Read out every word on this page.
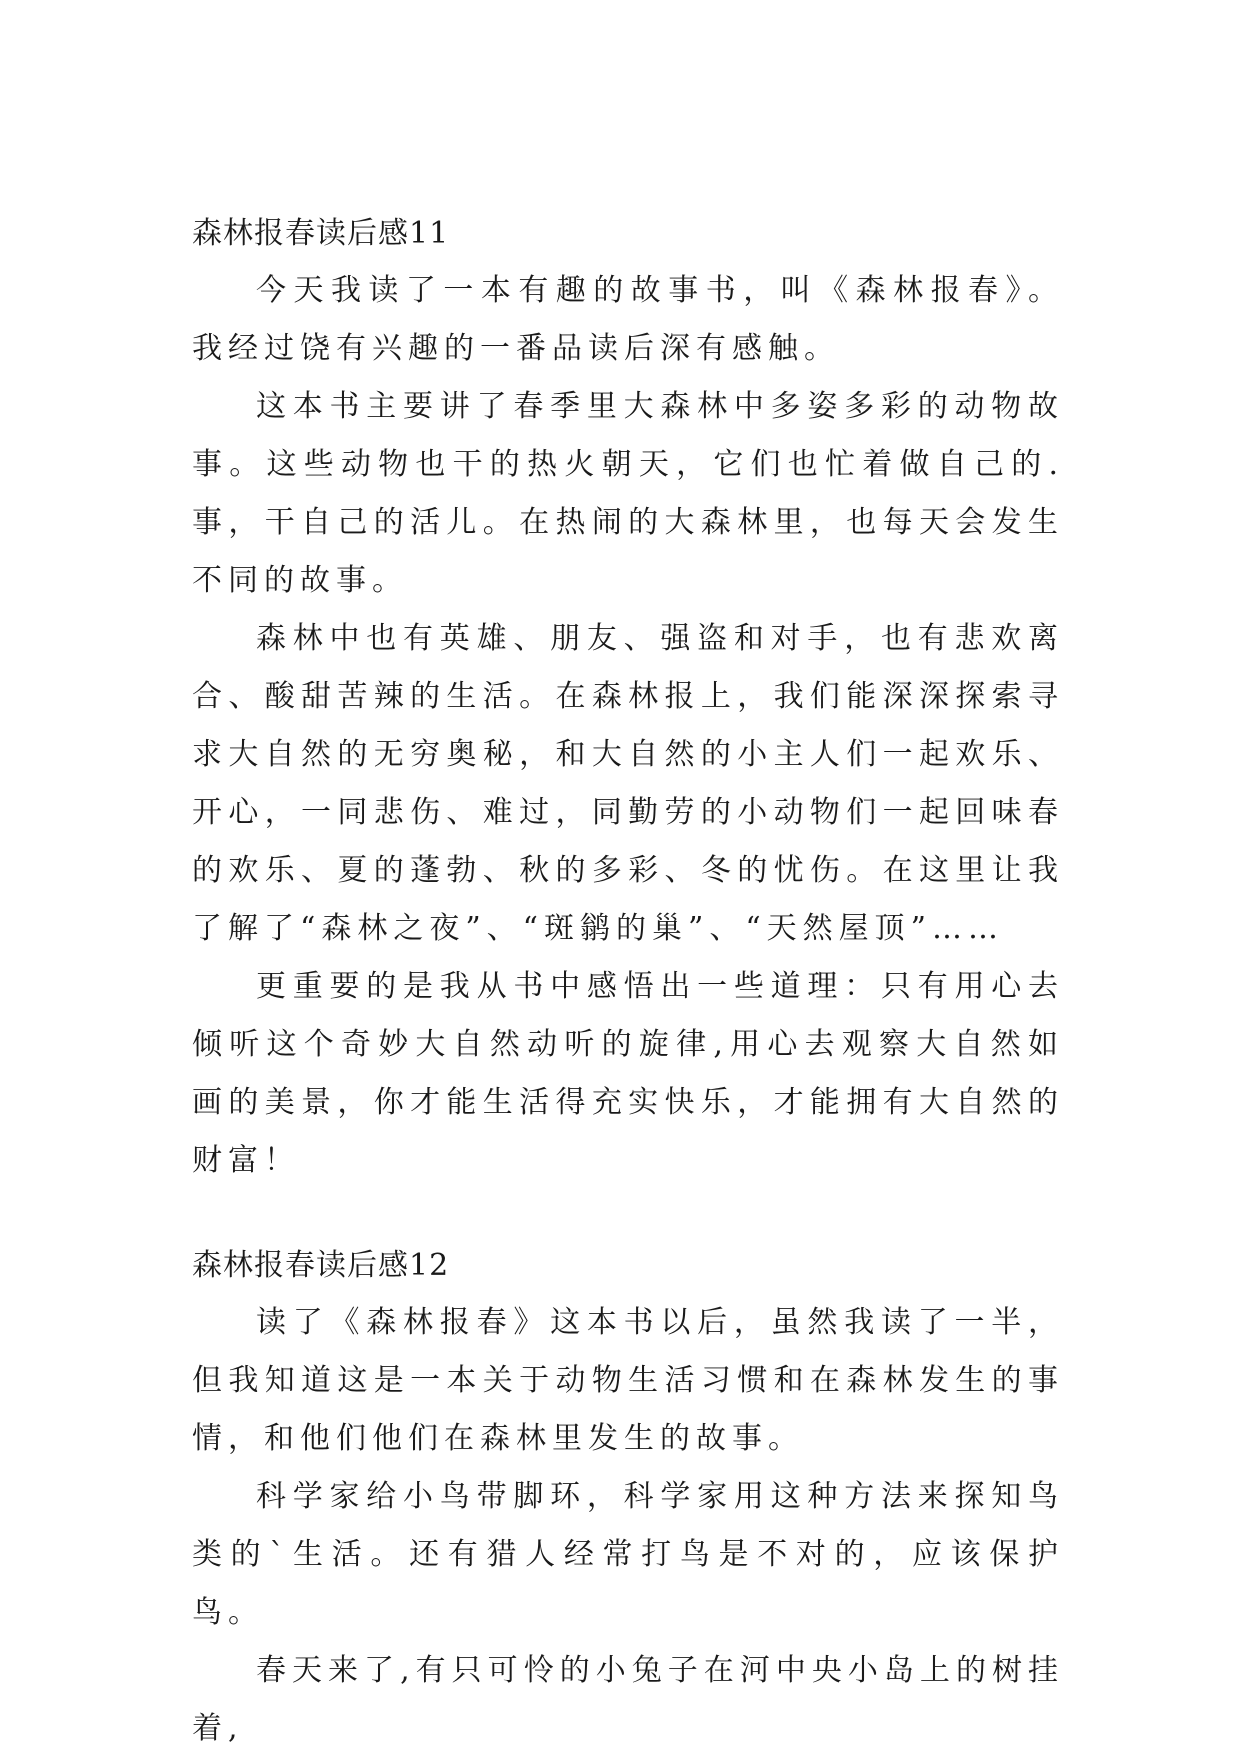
森林报春读后感11

今天我读了一本有趣的故事书，叫《森林报春》。我经过饶有兴趣的一番品读后深有感触。

这本书主要讲了春季里大森林中多姿多彩的动物故事。这些动物也干的热火朝天，它们也忙着做自己的.事，干自己的活儿。在热闹的大森林里，也每天会发生不同的故事。

森林中也有英雄、朋友、强盗和对手，也有悲欢离合、酸甜苦辣的生活。在森林报上，我们能深深探索寻求大自然的无穷奥秘，和大自然的小主人们一起欢乐、开心，一同悲伤、难过，同勤劳的小动物们一起回味春的欢乐、夏的蓬勃、秋的多彩、冬的忧伤。在这里让我了解了“森林之夜”、“斑鹟的巢”、“天然屋顶”……

更重要的是我从书中感悟出一些道理：只有用心去倾听这个奇妙大自然动听的旋律,用心去观察大自然如画的美景，你才能生活得充实快乐，才能拥有大自然的财富！

森林报春读后感12

读了《森林报春》这本书以后，虽然我读了一半，但我知道这是一本关于动物生活习惯和在森林发生的事情，和他们他们在森林里发生的故事。

科学家给小鸟带脚环，科学家用这种方法来探知鸟类的`生活。还有猎人经常打鸟是不对的，应该保护鸟。

春天来了,有只可怜的小兔子在河中央小岛上的树挂着,
